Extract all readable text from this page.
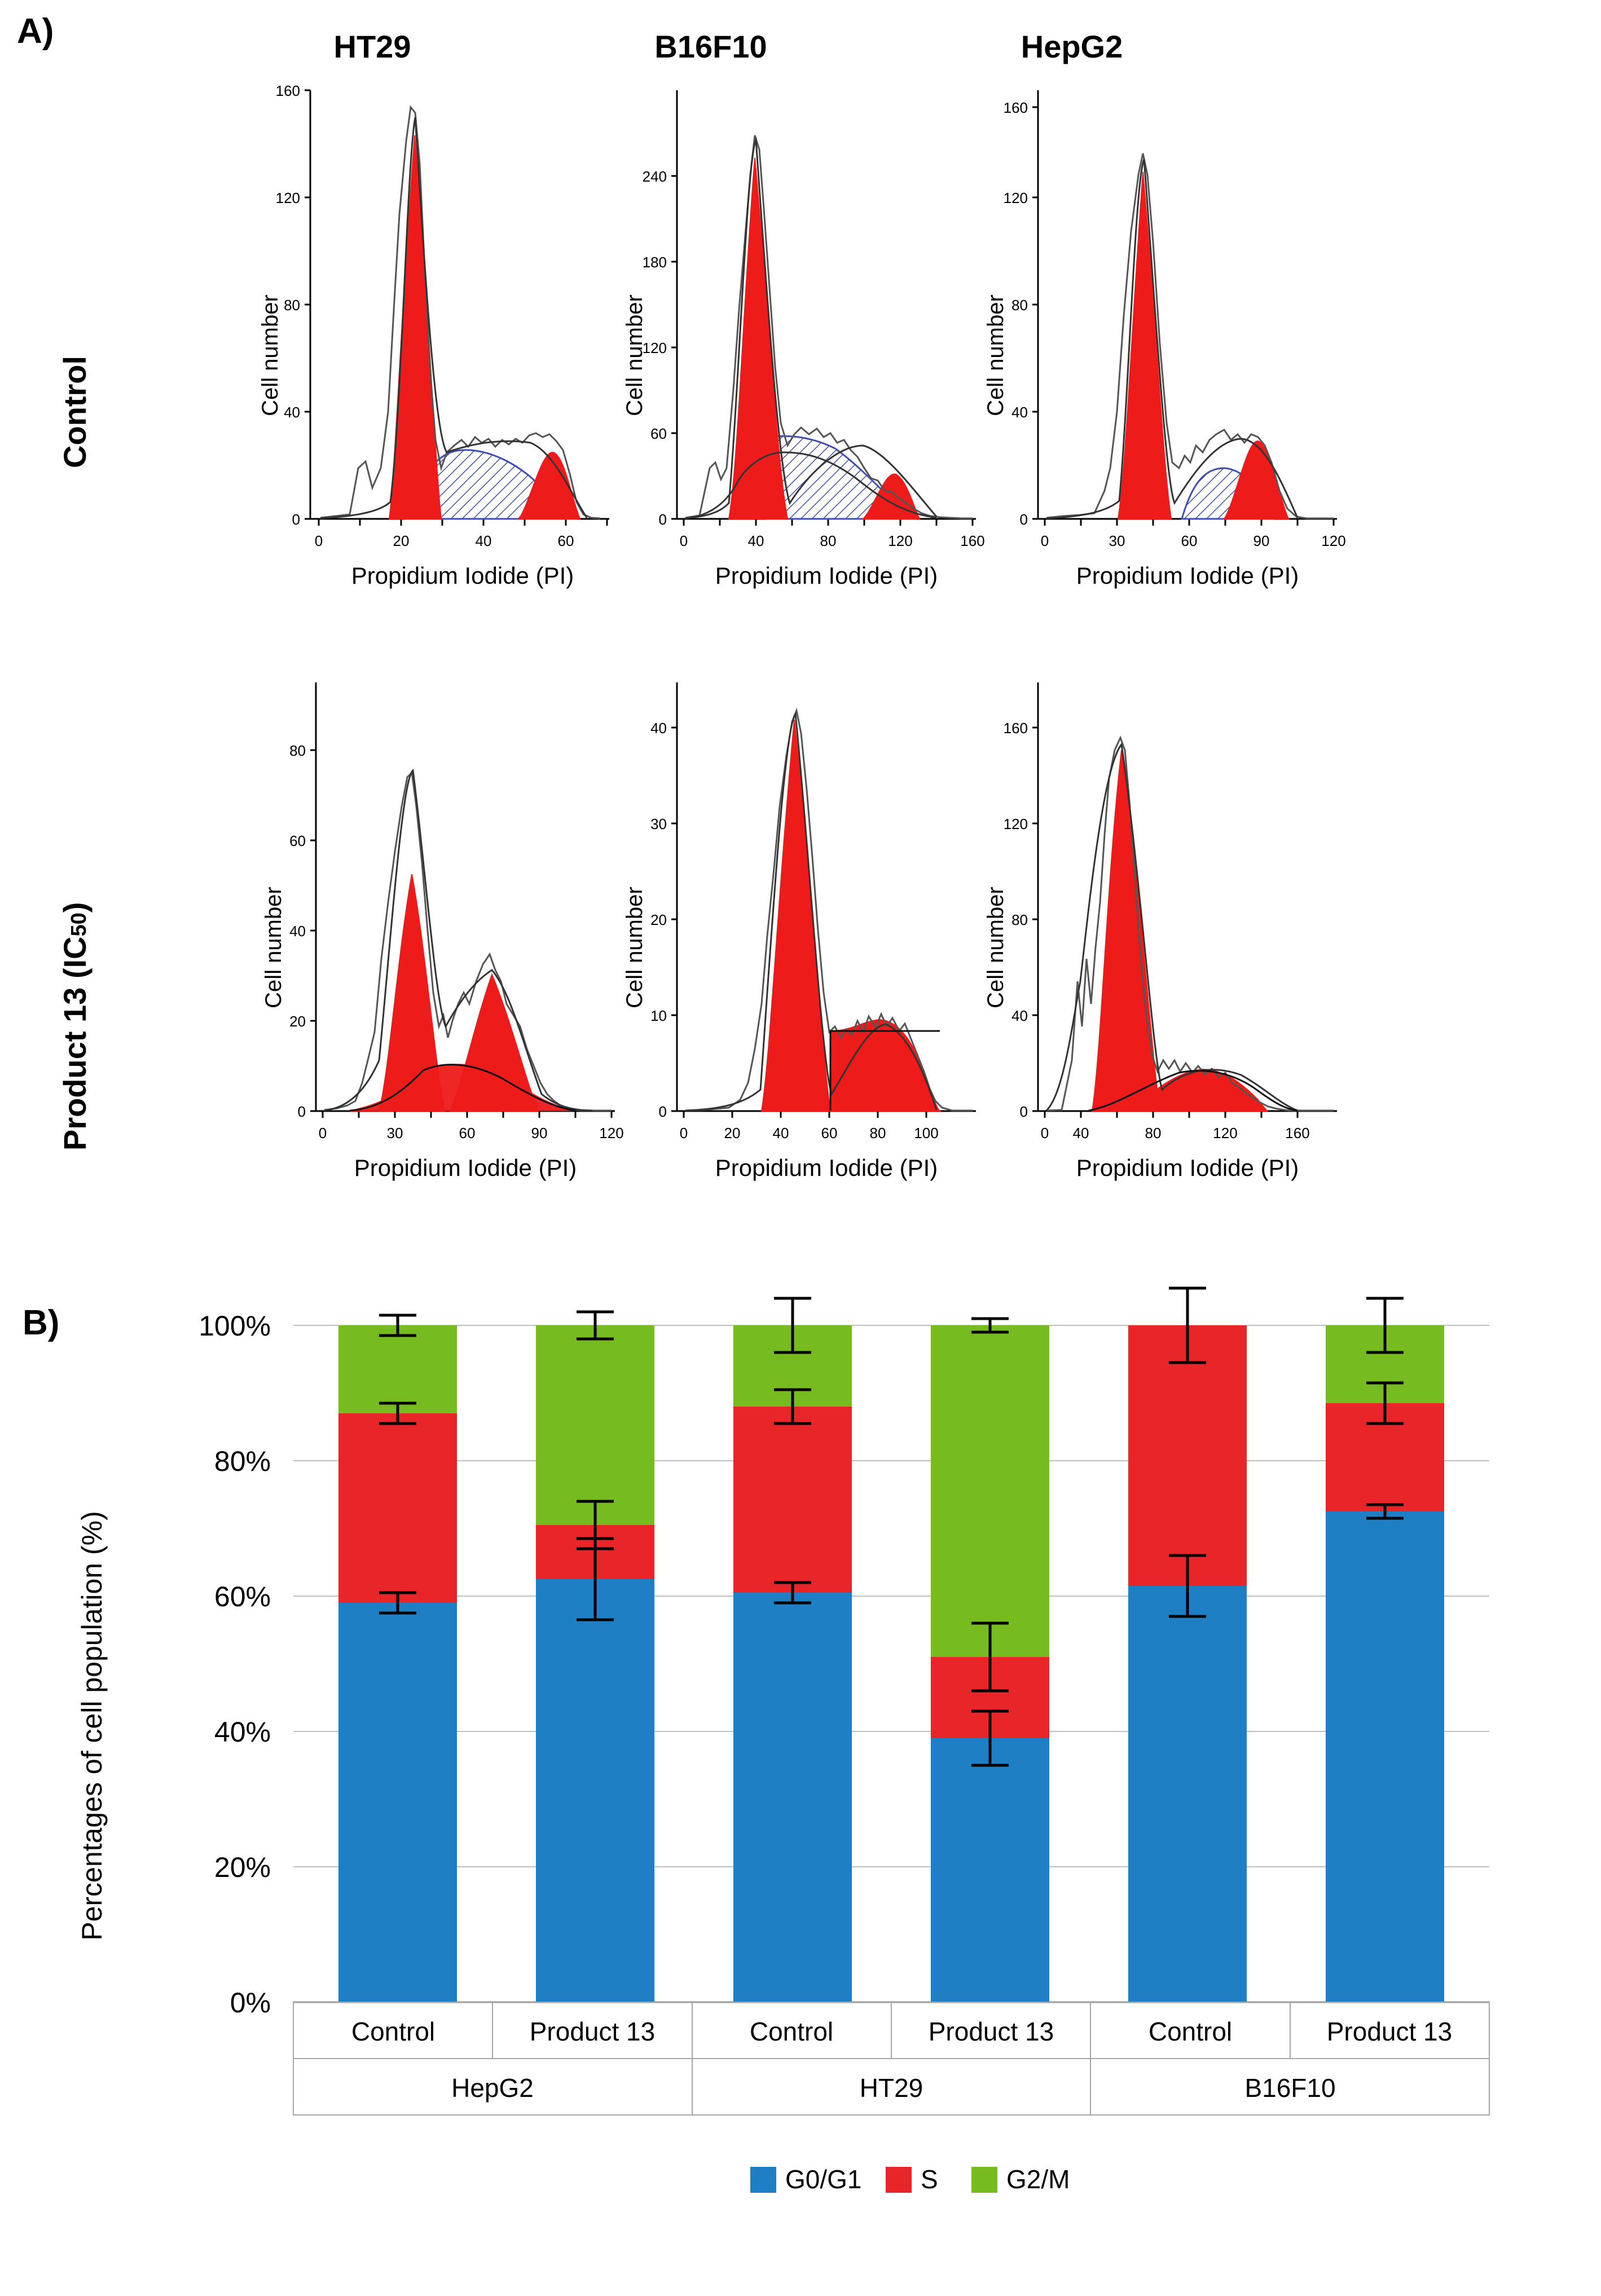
A)
B)
HT29	B16F10	HepG2
Control
Product 13 (IC50)
0
40
80
120
160
0	20	40	60
Cell number
Propidium Iodide (PI)
0
60
120
180
240
0	40	80	120	160
Cell number
Propidium Iodide (PI)
0
40
80
120
160
0	30	60	90	120
Cell number
Propidium Iodide (PI)
0
20
40
60
80
0	30	60	90	120
Cell number
Propidium Iodide (PI)
0
10
20
30
40
0 20 40 60 80 100
Cell number
Propidium Iodide (PI)
0
40
80
120
160
0 40	80	120	160
Cell number
Propidium Iodide (PI)
Percentages of cell population (%)
0%
20%
40%
60%
80%
100%
Control	Product 13	Control	Product 13	Control	Product 13
HepG2	HT29	B16F10
G0/G1 S	G2/M
